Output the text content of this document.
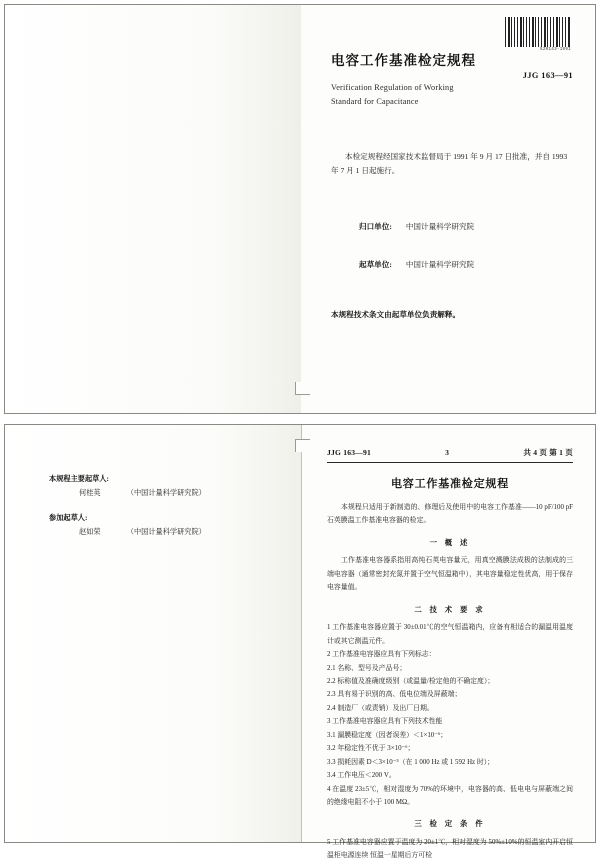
520143-1991
JJG 163—91
电容工作基准检定规程
Verification Regulation of Working
Standard for Capacitance
本检定规程经国家技术监督局于 1991 年 9 月 17 日批准，并自 1993 年 7 月 1 日起施行。
归口单位: 中国计量科学研究院
起草单位: 中国计量科学研究院
本规程技术条文由起草单位负责解释。
本规程主要起草人:
何桂英	（中国计量科学研究院）
参加起草人:
赵如荣	（中国计量科学研究院）
JJG 163—91	3	共 4 页 第 1 页
电容工作基准检定规程

本规程只适用于新制造的、修理后及使用中的电容工作基准——10 pF/100 pF 石英膜温工作基准电容器的检定。

一 概 述

工作基准电容器系指用高纯石英电容量元，用真空溅膜法成极的法制成的三端电容器（通常密封充氮并置于空气恒温箱中），其电容量稳定性优高，用于保存电容量值。

二 技 术 要 求
1 工作基准电容器应置于 30±0.01℃的空气恒温箱内，应备有相适合的漏温用温度计或其它测温元件。
2 工作基准电容器应具有下列标志：
2.1 名称、型号及产品号；
2.2 标称值及准确度级别（或温量/检定他的不确定度）；
2.3 具有易于识别的高、低电位端及屏蔽端；
2.4 制造厂（或责销）及出厂日期。
3 工作基准电容器应具有下列技术性能
3.1 漏膜稳定度（因者误差）＜1×10⁻⁶；
3.2 年稳定性不优于 3×10⁻⁶；
3.3 损耗因素 D＜3×10⁻⁵（在 1 000 Hz 或 1 592 Hz 时）；
3.4 工作电压＜200 V。
4 在温度 23±5℃，相对湿度为 70%的环境中，电容器的高、低电电与屏蔽端之间的绝缘电阻不小于 100 MΩ。
三 检 定 条 件
5 工作基准电容器应置于温度为 20±1℃，相对湿度为 50%±10%的恒温室内开启恒温柜电源连续 恒温一星期后方可检
